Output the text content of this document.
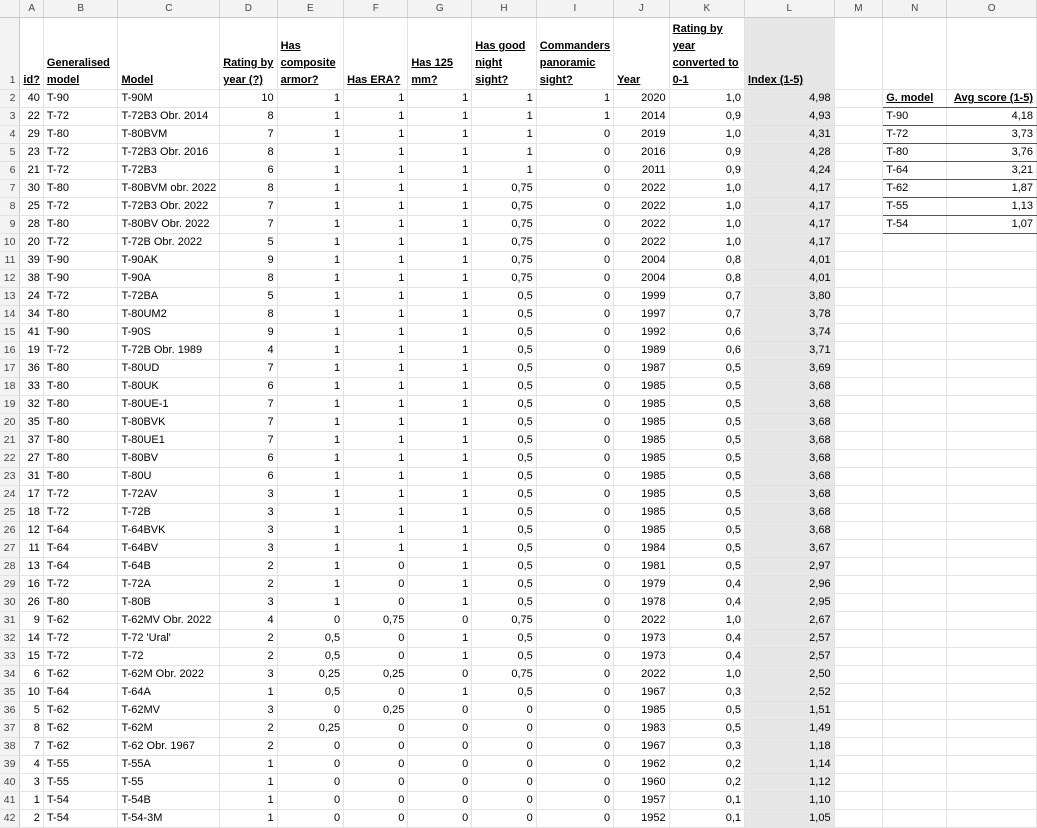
	A	B	C	D	E	F	G	H	I	J	K	L	M	N	O
1	id?	Generalised model	Model	Rating by year (?)	Has composite armor?	Has ERA?	Has 125 mm?	Has good night sight?	Commanders panoramic sight?	Year	Rating by year converted to 0-1	Index (1-5)			
2	40	T-90	T-90M	10	1	1	1	1	1	2020	1,0	4,98		G. model	Avg score (1-5)
3	22	T-72	T-72B3 Obr. 2014	8	1	1	1	1	1	2014	0,9	4,93		T-90	4,18
4	29	T-80	T-80BVM	7	1	1	1	1	0	2019	1,0	4,31		T-72	3,73
5	23	T-72	T-72B3 Obr. 2016	8	1	1	1	1	0	2016	0,9	4,28		T-80	3,76
6	21	T-72	T-72B3	6	1	1	1	1	0	2011	0,9	4,24		T-64	3,21
7	30	T-80	T-80BVM obr. 2022	8	1	1	1	0,75	0	2022	1,0	4,17		T-62	1,87
8	25	T-72	T-72B3 Obr. 2022	7	1	1	1	0,75	0	2022	1,0	4,17		T-55	1,13
9	28	T-80	T-80BV Obr. 2022	7	1	1	1	0,75	0	2022	1,0	4,17		T-54	1,07
10	20	T-72	T-72B Obr. 2022	5	1	1	1	0,75	0	2022	1,0	4,17			
11	39	T-90	T-90AK	9	1	1	1	0,75	0	2004	0,8	4,01			
12	38	T-90	T-90A	8	1	1	1	0,75	0	2004	0,8	4,01			
13	24	T-72	T-72BA	5	1	1	1	0,5	0	1999	0,7	3,80			
14	34	T-80	T-80UM2	8	1	1	1	0,5	0	1997	0,7	3,78			
15	41	T-90	T-90S	9	1	1	1	0,5	0	1992	0,6	3,74			
16	19	T-72	T-72B Obr. 1989	4	1	1	1	0,5	0	1989	0,6	3,71			
17	36	T-80	T-80UD	7	1	1	1	0,5	0	1987	0,5	3,69			
18	33	T-80	T-80UK	6	1	1	1	0,5	0	1985	0,5	3,68			
19	32	T-80	T-80UE-1	7	1	1	1	0,5	0	1985	0,5	3,68			
20	35	T-80	T-80BVK	7	1	1	1	0,5	0	1985	0,5	3,68			
21	37	T-80	T-80UE1	7	1	1	1	0,5	0	1985	0,5	3,68			
22	27	T-80	T-80BV	6	1	1	1	0,5	0	1985	0,5	3,68			
23	31	T-80	T-80U	6	1	1	1	0,5	0	1985	0,5	3,68			
24	17	T-72	T-72AV	3	1	1	1	0,5	0	1985	0,5	3,68			
25	18	T-72	T-72B	3	1	1	1	0,5	0	1985	0,5	3,68			
26	12	T-64	T-64BVK	3	1	1	1	0,5	0	1985	0,5	3,68			
27	11	T-64	T-64BV	3	1	1	1	0,5	0	1984	0,5	3,67			
28	13	T-64	T-64B	2	1	0	1	0,5	0	1981	0,5	2,97			
29	16	T-72	T-72A	2	1	0	1	0,5	0	1979	0,4	2,96			
30	26	T-80	T-80B	3	1	0	1	0,5	0	1978	0,4	2,95			
31	9	T-62	T-62MV Obr. 2022	4	0	0,75	0	0,75	0	2022	1,0	2,67			
32	14	T-72	T-72 'Ural'	2	0,5	0	1	0,5	0	1973	0,4	2,57			
33	15	T-72	T-72	2	0,5	0	1	0,5	0	1973	0,4	2,57			
34	6	T-62	T-62M Obr. 2022	3	0,25	0,25	0	0,75	0	2022	1,0	2,50			
35	10	T-64	T-64A	1	0,5	0	1	0,5	0	1967	0,3	2,52			
36	5	T-62	T-62MV	3	0	0,25	0	0	0	1985	0,5	1,51			
37	8	T-62	T-62M	2	0,25	0	0	0	0	1983	0,5	1,49			
38	7	T-62	T-62 Obr. 1967	2	0	0	0	0	0	1967	0,3	1,18			
39	4	T-55	T-55A	1	0	0	0	0	0	1962	0,2	1,14			
40	3	T-55	T-55	1	0	0	0	0	0	1960	0,2	1,12			
41	1	T-54	T-54B	1	0	0	0	0	0	1957	0,1	1,10			
42	2	T-54	T-54-3M	1	0	0	0	0	0	1952	0,1	1,05			
